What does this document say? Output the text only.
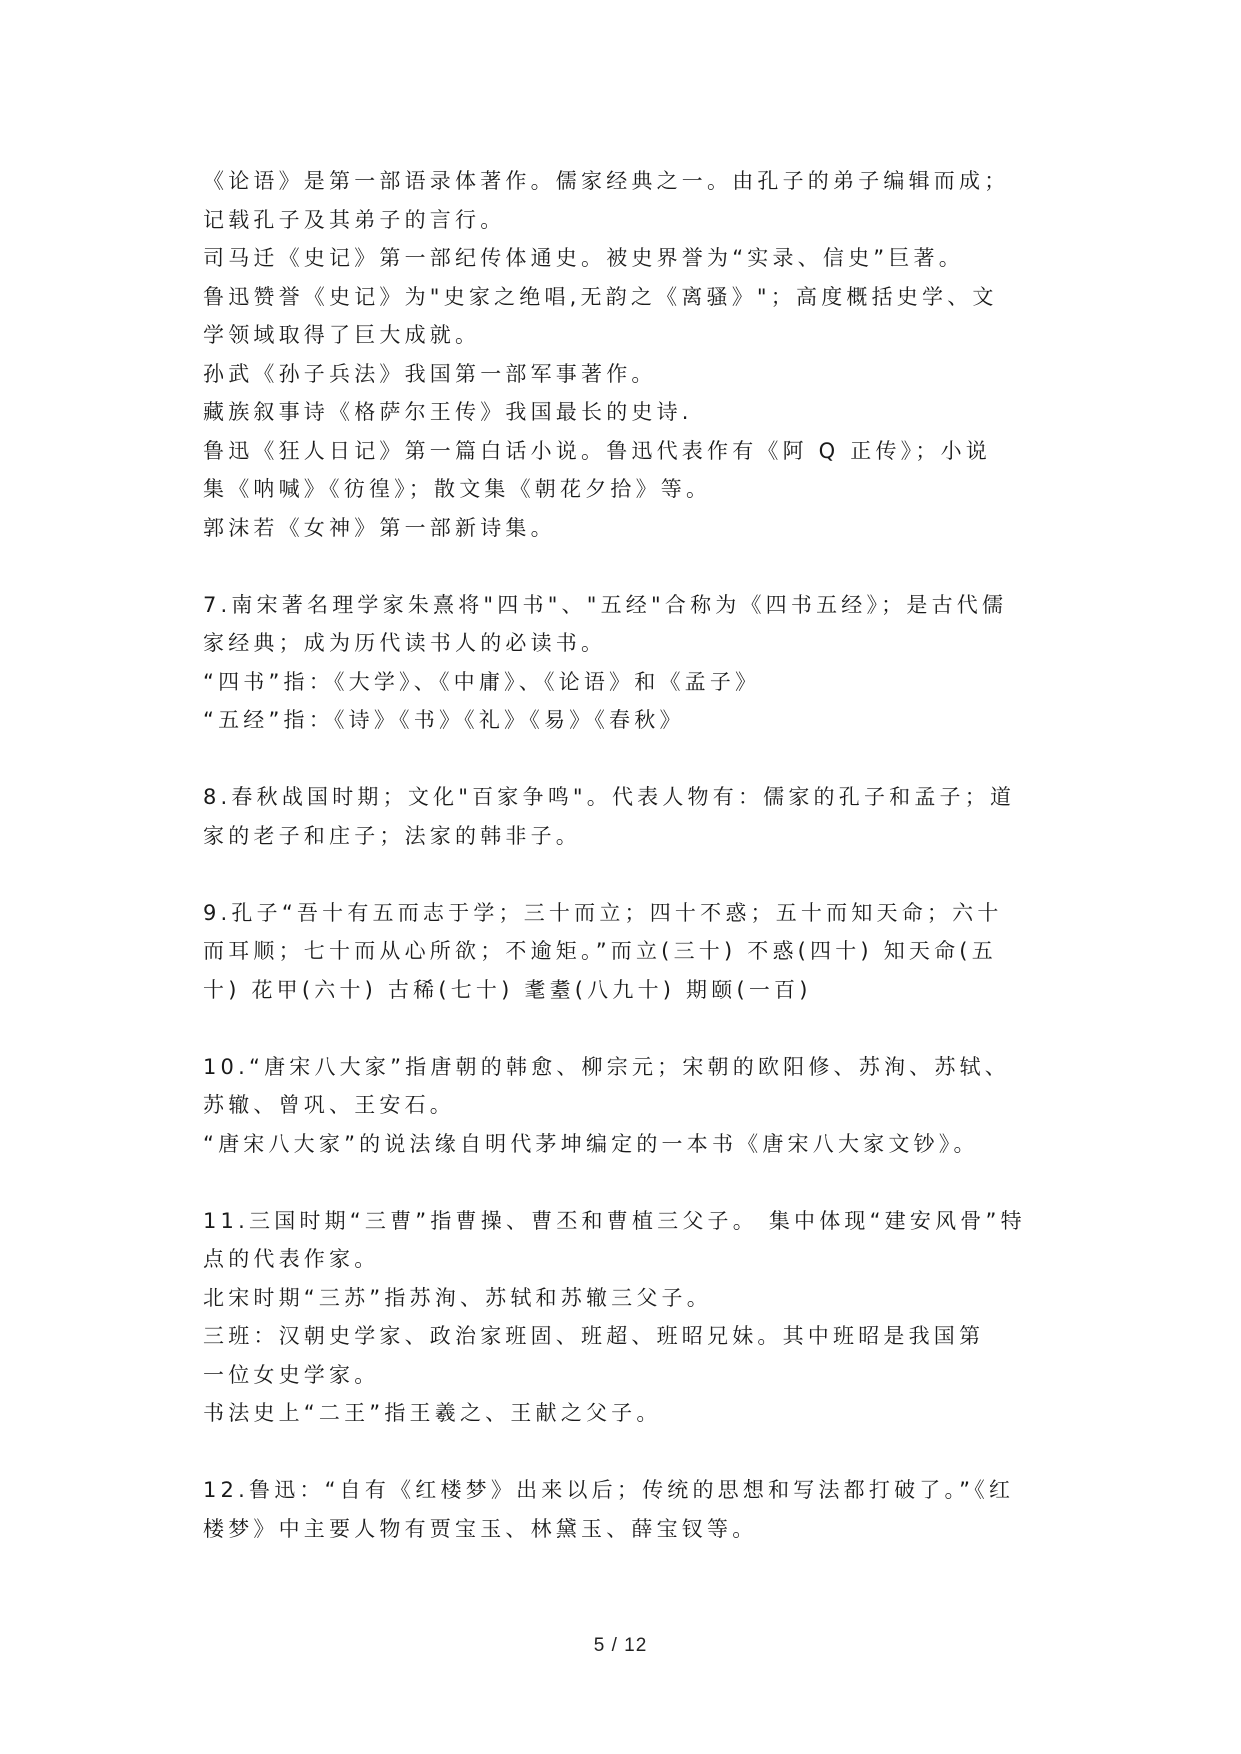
《论语》是第一部语录体著作。儒家经典之一。由孔子的弟子编辑而成；
记载孔子及其弟子的言行。
司马迁《史记》第一部纪传体通史。被史界誉为“实录、信史”巨著。
鲁迅赞誉《史记》为"史家之绝唱,无韵之《离骚》"；高度概括史学、文
学领域取得了巨大成就。
孙武《孙子兵法》我国第一部军事著作。
藏族叙事诗《格萨尔王传》我国最长的史诗.
鲁迅《狂人日记》第一篇白话小说。鲁迅代表作有《阿 Q 正传》；小说
集《呐喊》《彷徨》；散文集《朝花夕拾》等。
郭沫若《女神》第一部新诗集。
7.南宋著名理学家朱熹将"四书"、"五经"合称为《四书五经》；是古代儒
家经典；成为历代读书人的必读书。
“四书”指：《大学》、《中庸》、《论语》和《孟子》
“五经”指：《诗》《书》《礼》《易》《春秋》
8.春秋战国时期；文化"百家争鸣"。代表人物有：儒家的孔子和孟子；道
家的老子和庄子；法家的韩非子。
9.孔子“吾十有五而志于学；三十而立；四十不惑；五十而知天命；六十
而耳顺；七十而从心所欲；不逾矩。”而立(三十) 不惑(四十) 知天命(五
十) 花甲(六十) 古稀(七十) 耄耋(八九十) 期颐(一百)
10.“唐宋八大家”指唐朝的韩愈、柳宗元；宋朝的欧阳修、苏洵、苏轼、
苏辙、曾巩、王安石。
“唐宋八大家”的说法缘自明代茅坤编定的一本书《唐宋八大家文钞》。
11.三国时期“三曹”指曹操、曹丕和曹植三父子。 集中体现“建安风骨”特
点的代表作家。
北宋时期“三苏”指苏洵、苏轼和苏辙三父子。
三班：汉朝史学家、政治家班固、班超、班昭兄妹。其中班昭是我国第
一位女史学家。
书法史上“二王”指王羲之、王献之父子。
12.鲁迅：“自有《红楼梦》出来以后；传统的思想和写法都打破了。”《红
楼梦》中主要人物有贾宝玉、林黛玉、薛宝钗等。
5 / 12
